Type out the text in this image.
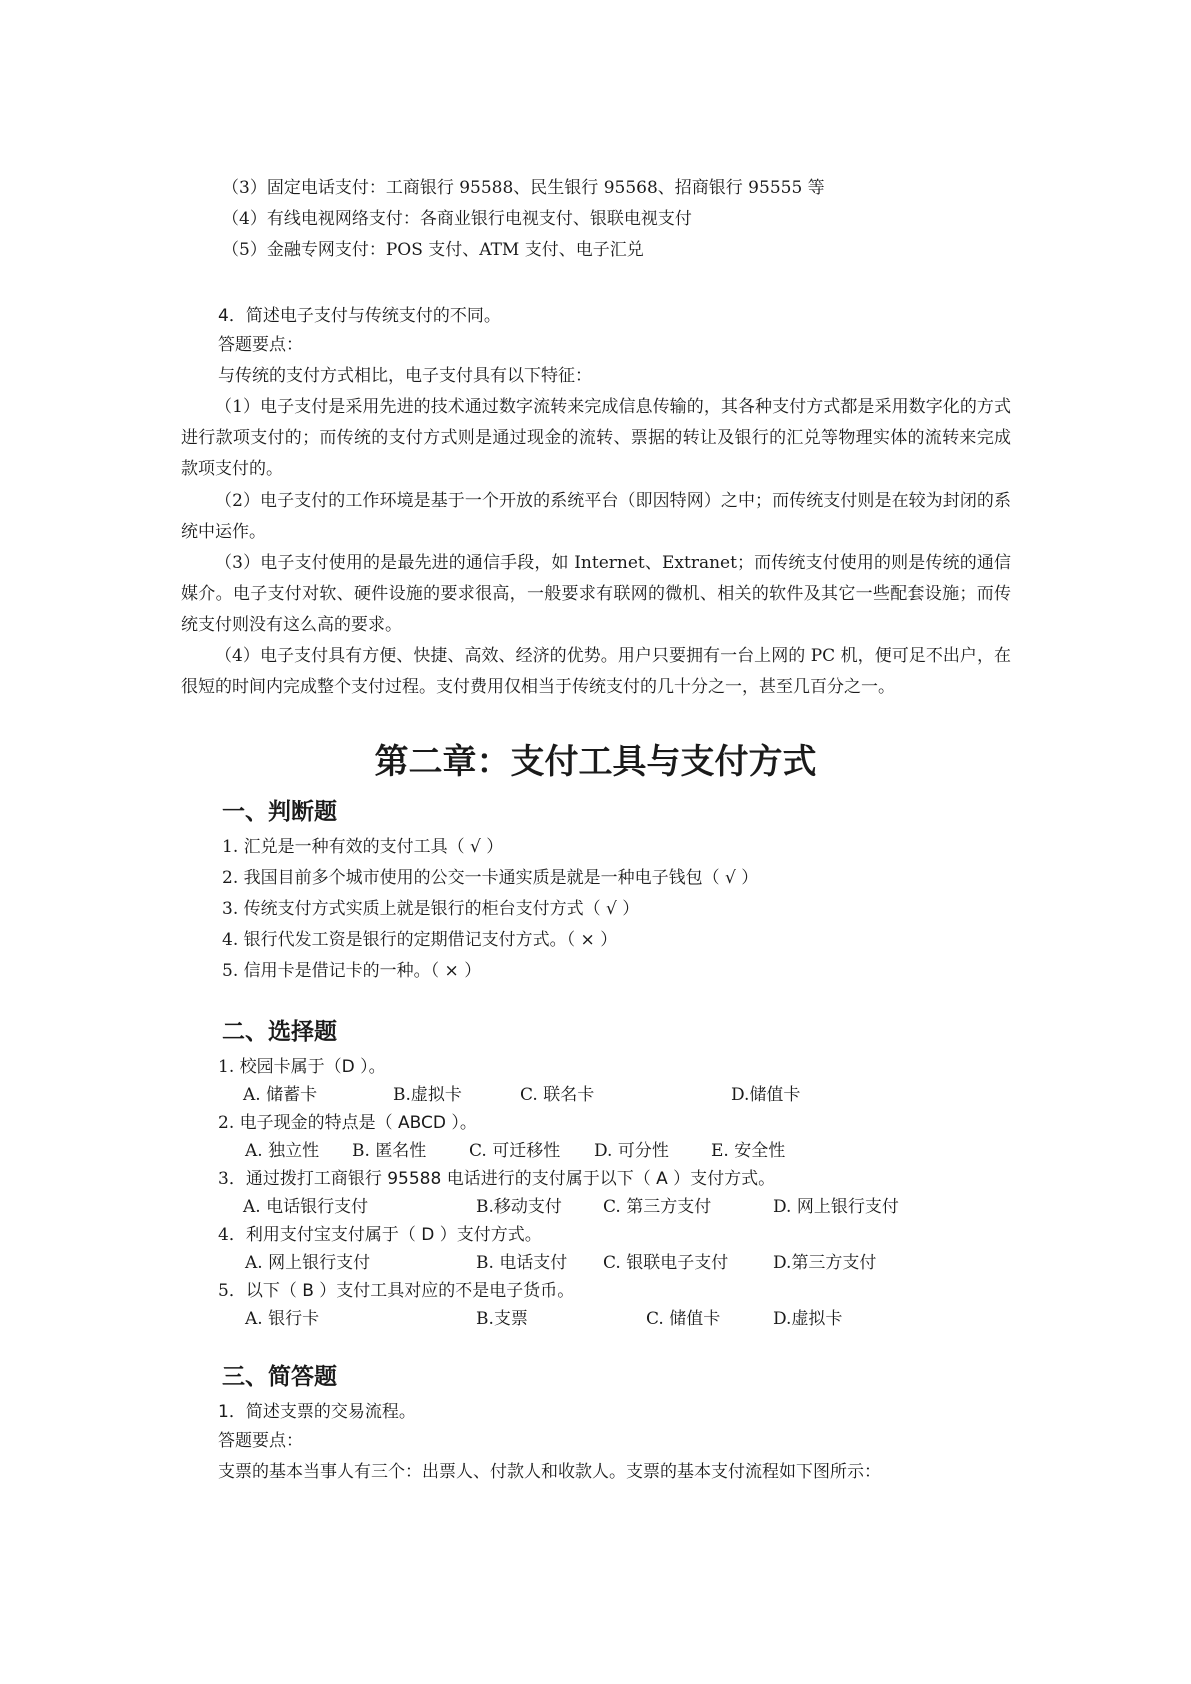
（3）固定电话支付：工商银行 95588、民生银行 95568、招商银行 95555 等
（4）有线电视网络支付：各商业银行电视支付、银联电视支付
（5）金融专网支付：POS 支付、ATM 支付、电子汇兑
4．简述电子支付与传统支付的不同。
答题要点：
与传统的支付方式相比，电子支付具有以下特征：
（1）电子支付是采用先进的技术通过数字流转来完成信息传输的，其各种支付方式都是采用数字化的方式进行款项支付的；而传统的支付方式则是通过现金的流转、票据的转让及银行的汇兑等物理实体的流转来完成款项支付的。
（2）电子支付的工作环境是基于一个开放的系统平台（即因特网）之中；而传统支付则是在较为封闭的系统中运作。
（3）电子支付使用的是最先进的通信手段，如 Internet、Extranet；而传统支付使用的则是传统的通信媒介。电子支付对软、硬件设施的要求很高，一般要求有联网的微机、相关的软件及其它一些配套设施；而传统支付则没有这么高的要求。
（4）电子支付具有方便、快捷、高效、经济的优势。用户只要拥有一台上网的 PC 机，便可足不出户，在很短的时间内完成整个支付过程。支付费用仅相当于传统支付的几十分之一，甚至几百分之一。
第二章：支付工具与支付方式
一、判断题
1. 汇兑是一种有效的支付工具（ √ ）
2. 我国目前多个城市使用的公交一卡通实质是就是一种电子钱包（ √ ）
3. 传统支付方式实质上就是银行的柜台支付方式（ √ ）
4. 银行代发工资是银行的定期借记支付方式。（ × ）
5. 信用卡是借记卡的一种。（ × ）
二、选择题
1. 校园卡属于（D ）。
A. 储蓄卡	B.虚拟卡	C. 联名卡	D.储值卡
2. 电子现金的特点是（ ABCD ）。
A. 独立性 B. 匿名性	C. 可迁移性 D. 可分性 E. 安全性
3．通过拨打工商银行 95588 电话进行的支付属于以下（ A ）支付方式。
A. 电话银行支付	B.移动支付 C. 第三方支付	D. 网上银行支付
4．利用支付宝支付属于（ D ）支付方式。
A. 网上银行支付	B. 电话支付 C. 银联电子支付	D.第三方支付
5．以下（ B ）支付工具对应的不是电子货币。
A. 银行卡	B.支票	C. 储值卡	D.虚拟卡
三、简答题
1．简述支票的交易流程。
答题要点：
支票的基本当事人有三个：出票人、付款人和收款人。支票的基本支付流程如下图所示：
